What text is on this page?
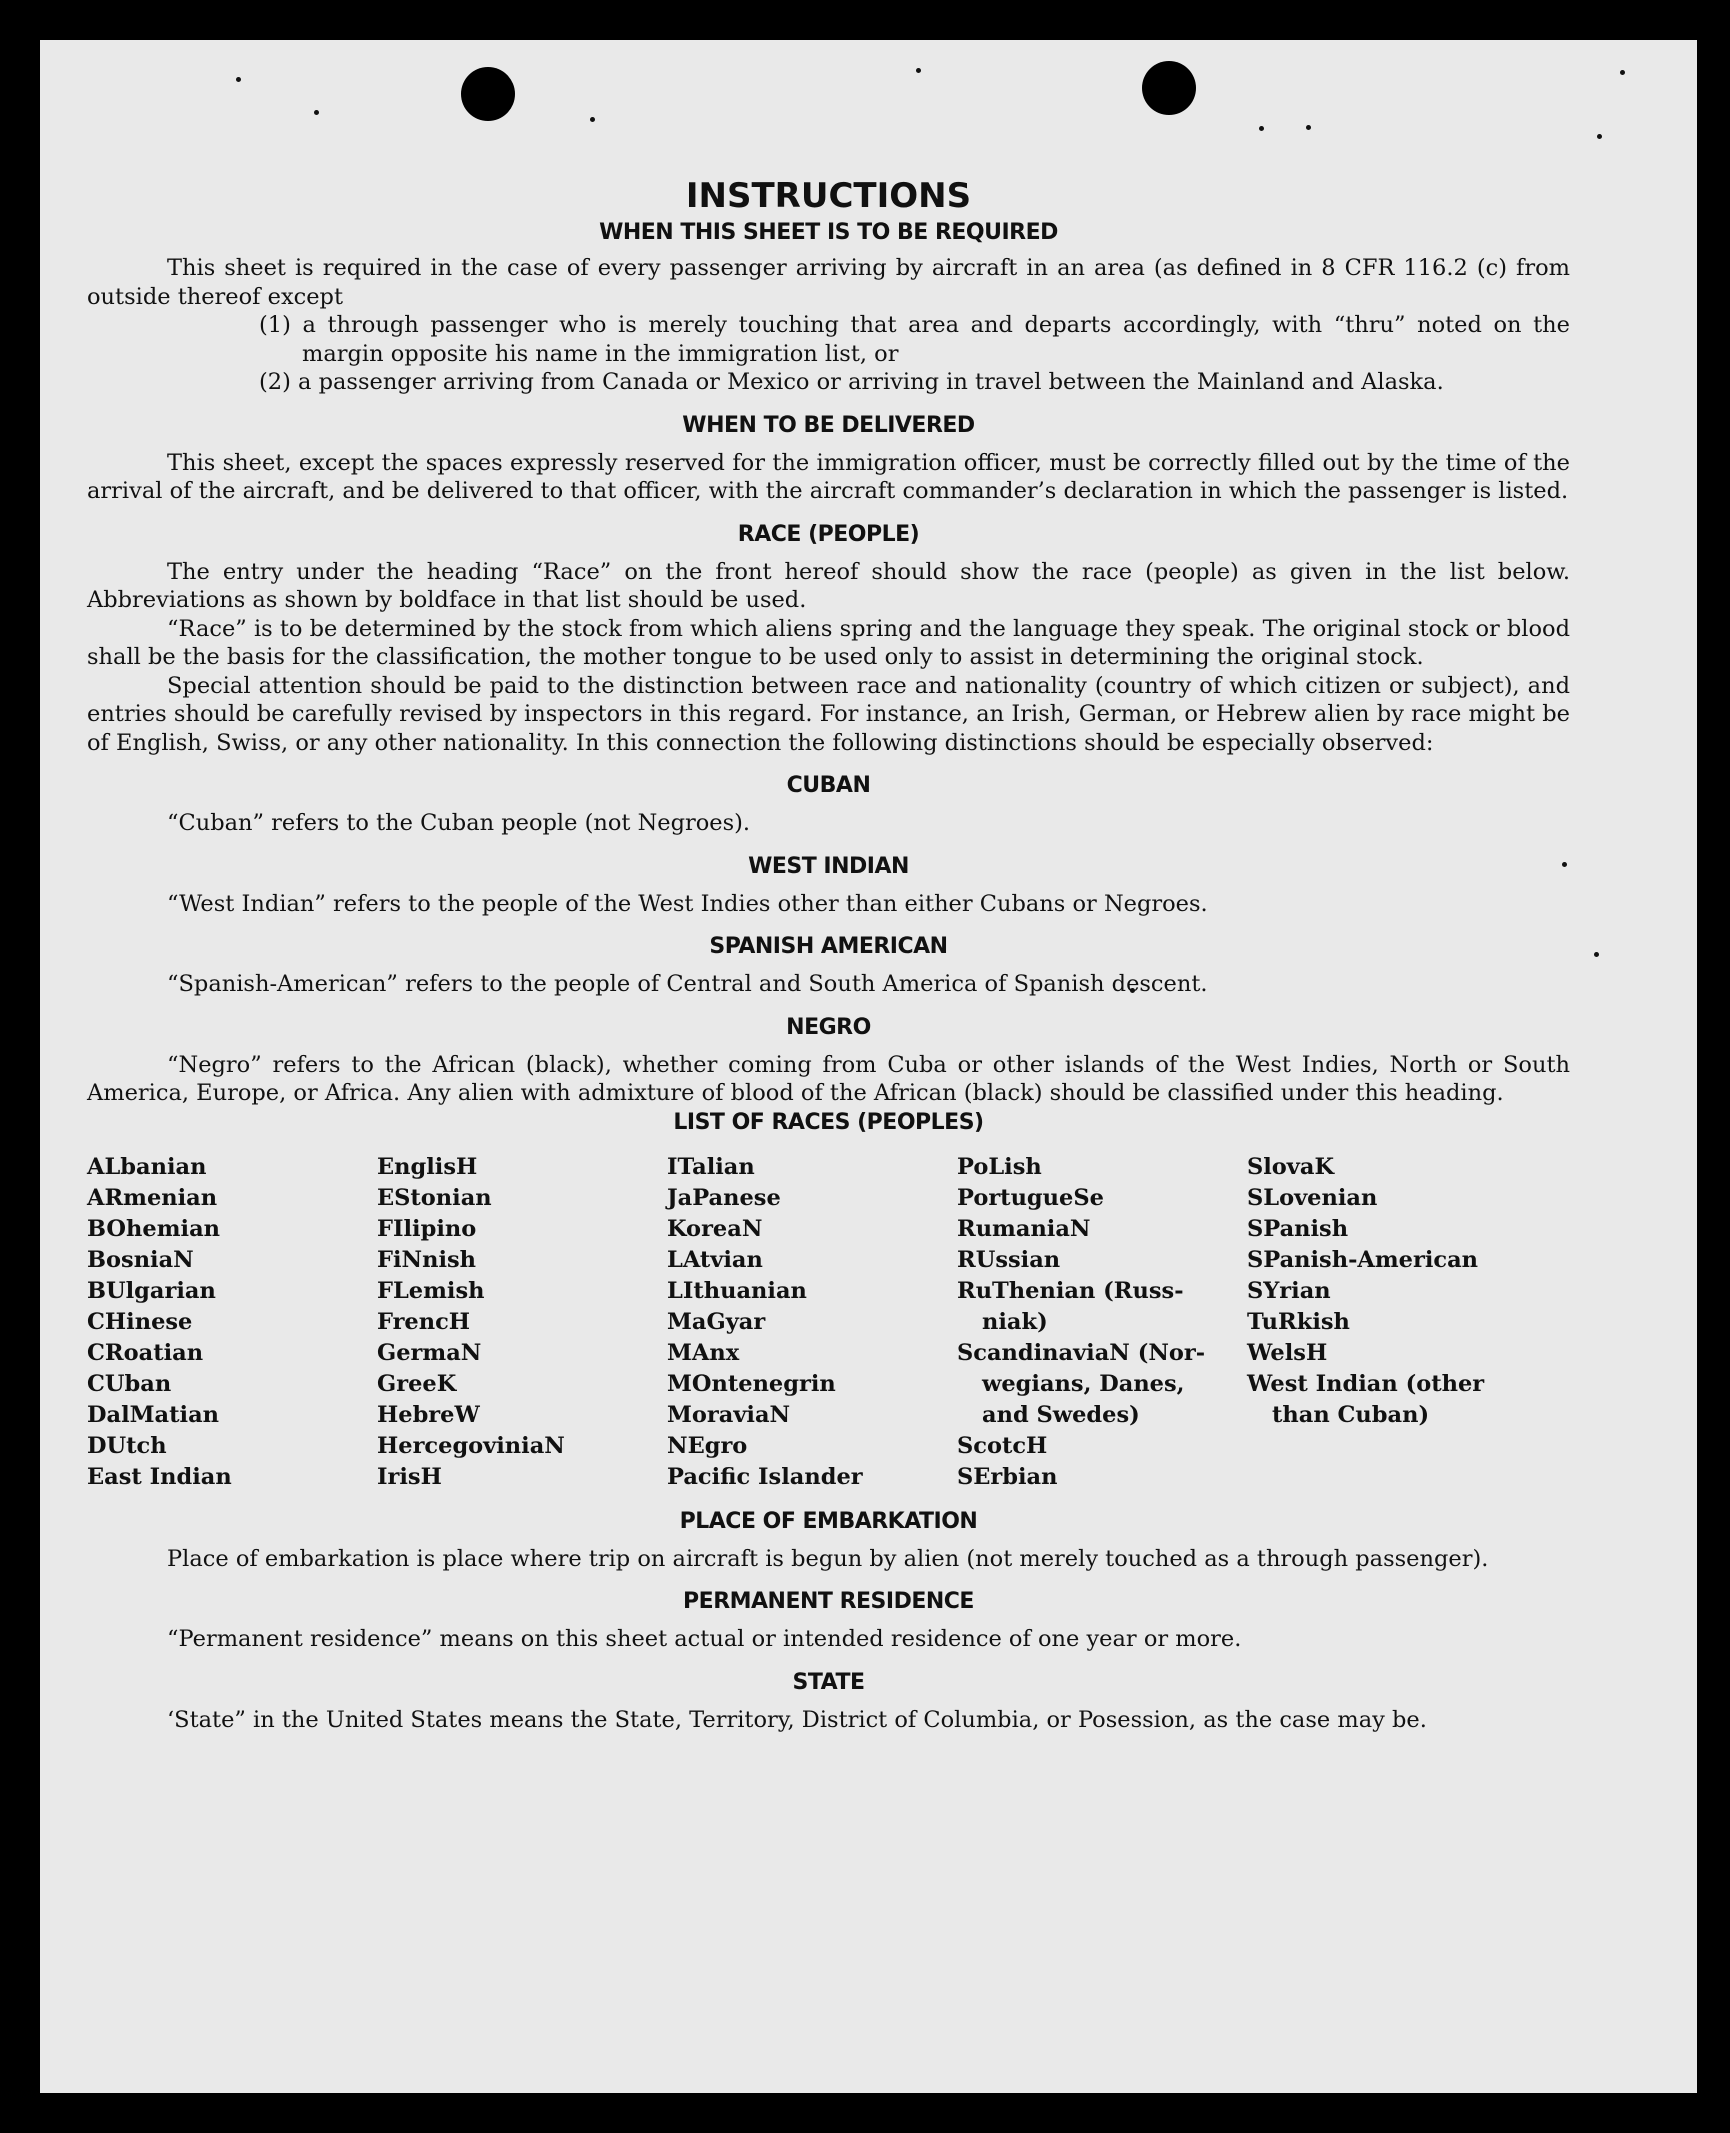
INSTRUCTIONS
WHEN THIS SHEET IS TO BE REQUIRED

This sheet is required in the case of every passenger arriving by aircraft in an area (as defined in 8 CFR 116.2 (c) from outside thereof except

(1) a through passenger who is merely touching that area and departs accordingly, with “thru” noted on the margin opposite his name in the immigration list, or

(2) a passenger arriving from Canada or Mexico or arriving in travel between the Mainland and Alaska.

WHEN TO BE DELIVERED

This sheet, except the spaces expressly reserved for the immigration officer, must be correctly filled out by the time of the arrival of the aircraft, and be delivered to that officer, with the aircraft commander’s declaration in which the passenger is listed.

RACE (PEOPLE)

The entry under the heading “Race” on the front hereof should show the race (people) as given in the list below. Abbreviations as shown by boldface in that list should be used.

“Race” is to be determined by the stock from which aliens spring and the language they speak. The original stock or blood shall be the basis for the classification, the mother tongue to be used only to assist in determining the original stock.

Special attention should be paid to the distinction between race and nationality (country of which citizen or subject), and entries should be carefully revised by inspectors in this regard. For instance, an Irish, German, or Hebrew alien by race might be of English, Swiss, or any other nationality. In this connection the following distinctions should be especially observed:

CUBAN

“Cuban” refers to the Cuban people (not Negroes).

WEST INDIAN

“West Indian” refers to the people of the West Indies other than either Cubans or Negroes.

SPANISH AMERICAN

“Spanish-American” refers to the people of Central and South America of Spanish descent.

NEGRO

“Negro” refers to the African (black), whether coming from Cuba or other islands of the West Indies, North or South America, Europe, or Africa. Any alien with admixture of blood of the African (black) should be classified under this heading.

LIST OF RACES (PEOPLES)
ALbanian
ARmenian
BOhemian
BosniaN
BUlgarian
CHinese
CRoatian
CUban
DalMatian
DUtch
East Indian
EnglisH
EStonian
FIlipino
FiNnish
FLemish
FrencH
GermaN
GreeK
HebreW
HercegoviniaN
IrisH
ITalian
JaPanese
KoreaN
LAtvian
LIthuanian
MaGyar
MAnx
MOntenegrin
MoraviaN
NEgro
Pacific Islander
PoLish
PortugueSe
RumaniaN
RUssian
RuThenian (Russ-
niak)
ScandinaviaN (Nor-
wegians, Danes,
and Swedes)
ScotcH
SErbian
SlovaK
SLovenian
SPanish
SPanish-American
SYrian
TuRkish
WelsH
West Indian (other
than Cuban)
PLACE OF EMBARKATION

Place of embarkation is place where trip on aircraft is begun by alien (not merely touched as a through passenger).

PERMANENT RESIDENCE

“Permanent residence” means on this sheet actual or intended residence of one year or more.

STATE

‘State” in the United States means the State, Territory, District of Columbia, or Posession, as the case may be.
